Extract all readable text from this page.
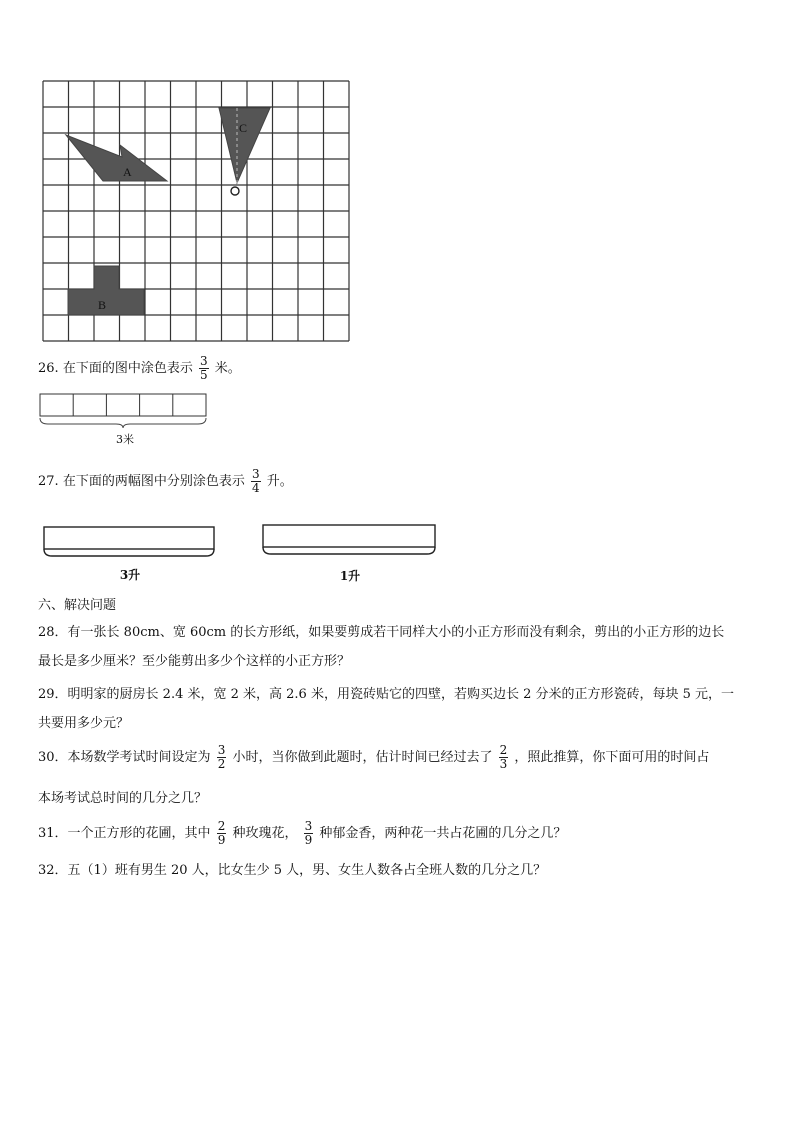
A
B
C
26. 在下面的图中涂色表示 $\frac{3}{5}$ 米。
3米
27. 在下面的两幅图中分别涂色表示 $\frac{3}{4}$ 升。
3升	1升
六、解决问题
28．有一张长 80cm、宽 60cm 的长方形纸，如果要剪成若干同样大小的小正方形而没有剩余，剪出的小正方形的边长
最长是多少厘米？至少能剪出多少个这样的小正方形？
29．明明家的厨房长 2.4 米，宽 2 米，高 2.6 米，用瓷砖贴它的四壁，若购买边长 2 分米的正方形瓷砖，每块 5 元，一
共要用多少元？
30．本场数学考试时间设定为 $\frac{3}{2}$ 小时，当你做到此题时，估计时间已经过去了 $\frac{2}{3}$ ，照此推算，你下面可用的时间占
本场考试总时间的几分之几？
31．一个正方形的花圃，其中 $\frac{2}{9}$ 种玫瑰花， $\frac{3}{9}$ 种郁金香，两种花一共占花圃的几分之几？
32．五（1）班有男生 20 人，比女生少 5 人，男、女生人数各占全班人数的几分之几？
